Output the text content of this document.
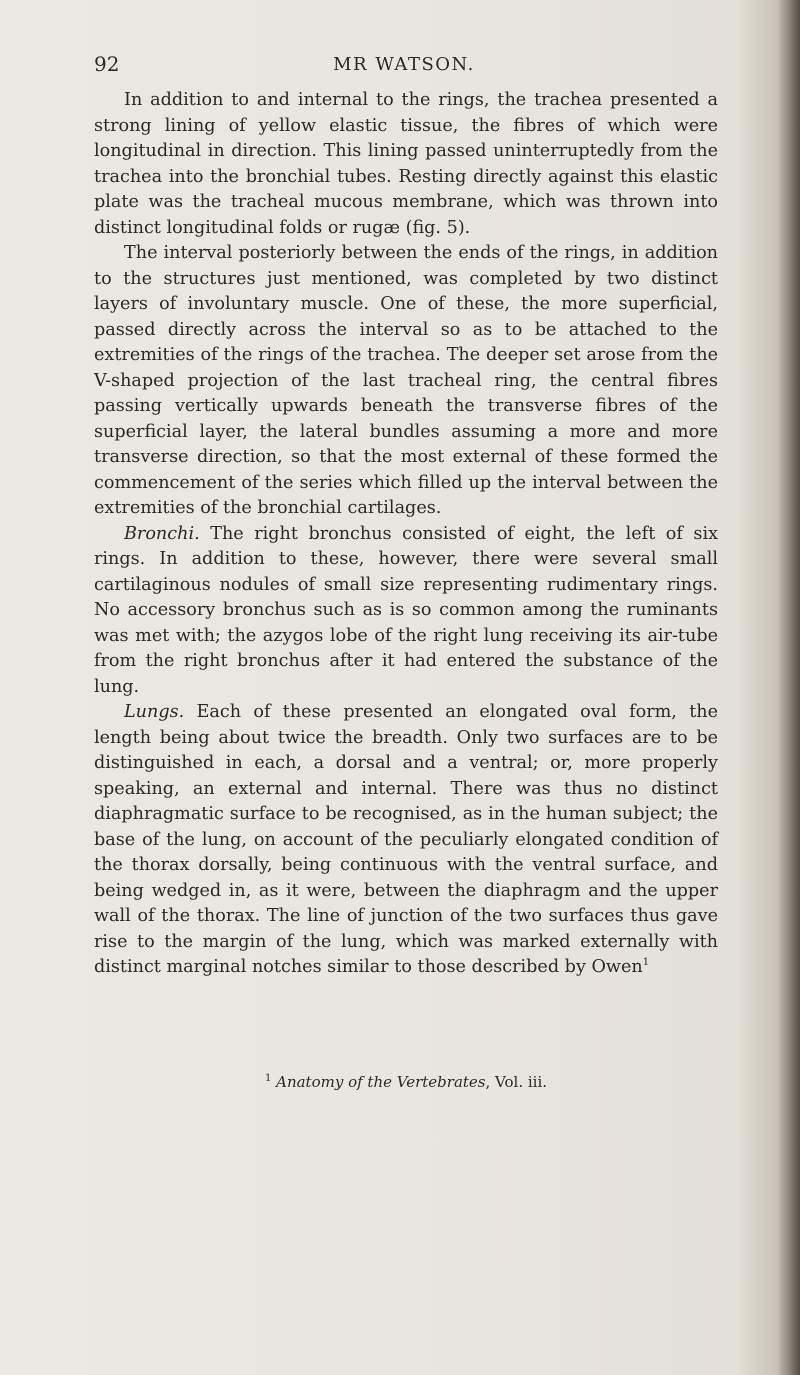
92	MR WATSON.

In addition to and internal to the rings, the trachea presented a strong lining of yellow elastic tissue, the fibres of which were longitudinal in direction. This lining passed uninterruptedly from the trachea into the bronchial tubes. Resting directly against this elastic plate was the tracheal mucous membrane, which was thrown into distinct longitudinal folds or rugæ (fig. 5).

The interval posteriorly between the ends of the rings, in addition to the structures just mentioned, was completed by two distinct layers of involuntary muscle. One of these, the more superficial, passed directly across the interval so as to be attached to the extremities of the rings of the trachea. The deeper set arose from the V-shaped projection of the last tracheal ring, the central fibres passing vertically upwards beneath the transverse fibres of the superficial layer, the lateral bundles assuming a more and more transverse direction, so that the most external of these formed the commencement of the series which filled up the interval between the extremities of the bronchial cartilages.

Bronchi. The right bronchus consisted of eight, the left of six rings. In addition to these, however, there were several small cartilaginous nodules of small size representing rudimentary rings. No accessory bronchus such as is so common among the ruminants was met with; the azygos lobe of the right lung receiving its air-tube from the right bronchus after it had entered the substance of the lung.

Lungs. Each of these presented an elongated oval form, the length being about twice the breadth. Only two surfaces are to be distinguished in each, a dorsal and a ventral; or, more properly speaking, an external and internal. There was thus no distinct diaphragmatic surface to be recognised, as in the human subject; the base of the lung, on account of the peculiarly elongated condition of the thorax dorsally, being continuous with the ventral surface, and being wedged in, as it were, between the diaphragm and the upper wall of the thorax. The line of junction of the two surfaces thus gave rise to the margin of the lung, which was marked externally with distinct marginal notches similar to those described by Owen$^1$

$^1$ Anatomy of the Vertebrates, Vol. iii.
